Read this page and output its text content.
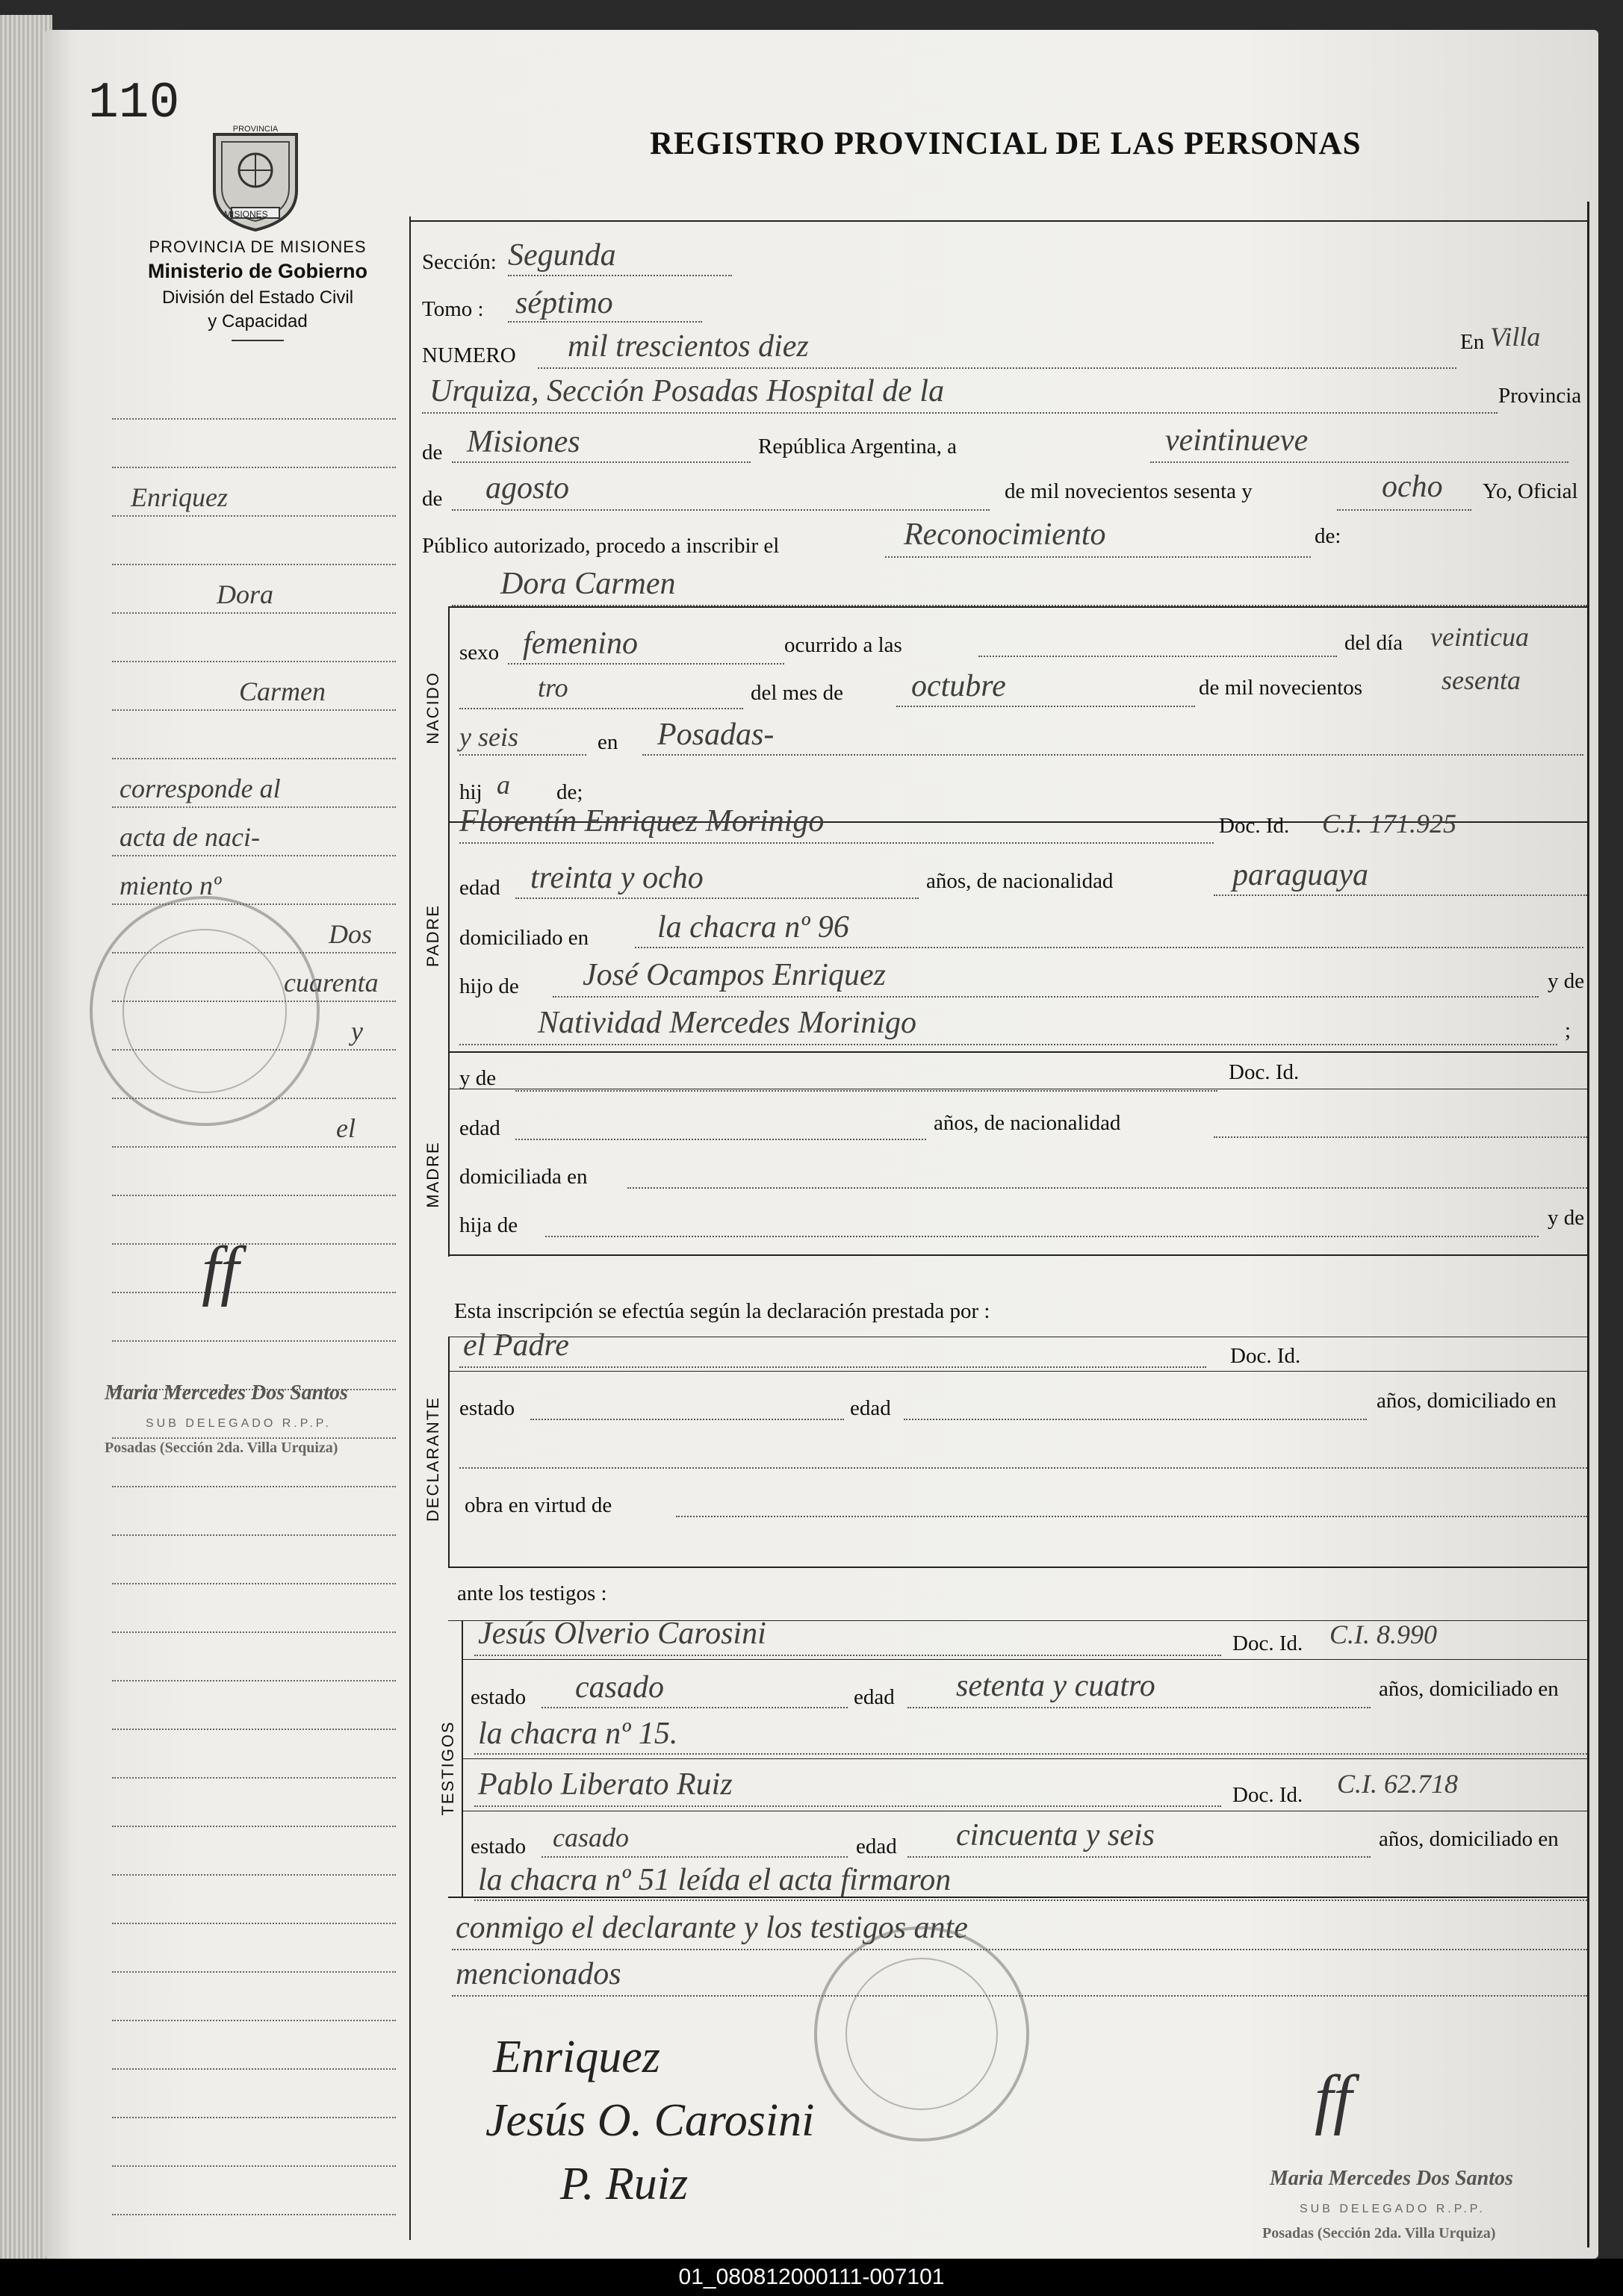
110	PROVINCIA
MISIONES
REGISTRO PROVINCIAL DE LAS PERSONAS
PROVINCIA DE MISIONES
Ministerio de Gobierno
División del Estado Civil
y Capacidad
Enriquez
Dora
Carmen
corresponde al
acta de naci-
miento nº
Dos
cuarenta
y
el
ff
Maria Mercedes Dos Santos
SUB DELEGADO R.P.P.
Posadas (Sección 2da. Villa Urquiza)
Sección: Segunda
Tomo : séptimo
NUMERO mil trescientos diez	En Villa
Urquiza, Sección Posadas Hospital de la	Provincia
de Misiones	República Argentina, a	veintinueve
de agosto	de mil novecientos sesenta y	ocho Yo, Oficial
Público autorizado, procedo a inscribir el	Reconocimiento	de:
Dora Carmen
NACIDO
sexo femenino	ocurrido a las	del día veinticua
tro	del mes de octubre	de mil novecientos	sesenta
y seis	en Posadas-
hij a de;
PADRE
Florentín Enriquez Morinigo	Doc. Id. C.I. 171.925
edad treinta y ocho	años, de nacionalidad	paraguaya
domiciliado en la chacra nº 96
hijo de José Ocampos Enriquez	y de
Natividad Mercedes Morinigo	;
MADRE
y de	Doc. Id.
edad	años, de nacionalidad
domiciliada en
hija de	y de
Esta inscripción se efectúa según la declaración prestada por :
DECLARANTE
el Padre	Doc. Id.
estado	edad	años, domiciliado en
obra en virtud de
ante los testigos :
TESTIGOS
Jesús Olverio Carosini	Doc. Id. C.I. 8.990
estado casado	edad setenta y cuatro	años, domiciliado en
la chacra nº 15.
Pablo Liberato Ruiz	Doc. Id. C.I. 62.718
estado casado	edad cincuenta y seis	años, domiciliado en
la chacra nº 51 leída el acta firmaron
conmigo el declarante y los testigos ante
mencionados
Enriquez
Jesús O. Carosini
P. Ruiz
ff
Maria Mercedes Dos Santos
SUB DELEGADO R.P.P.
Posadas (Sección 2da. Villa Urquiza)
01_080812000111-007101
